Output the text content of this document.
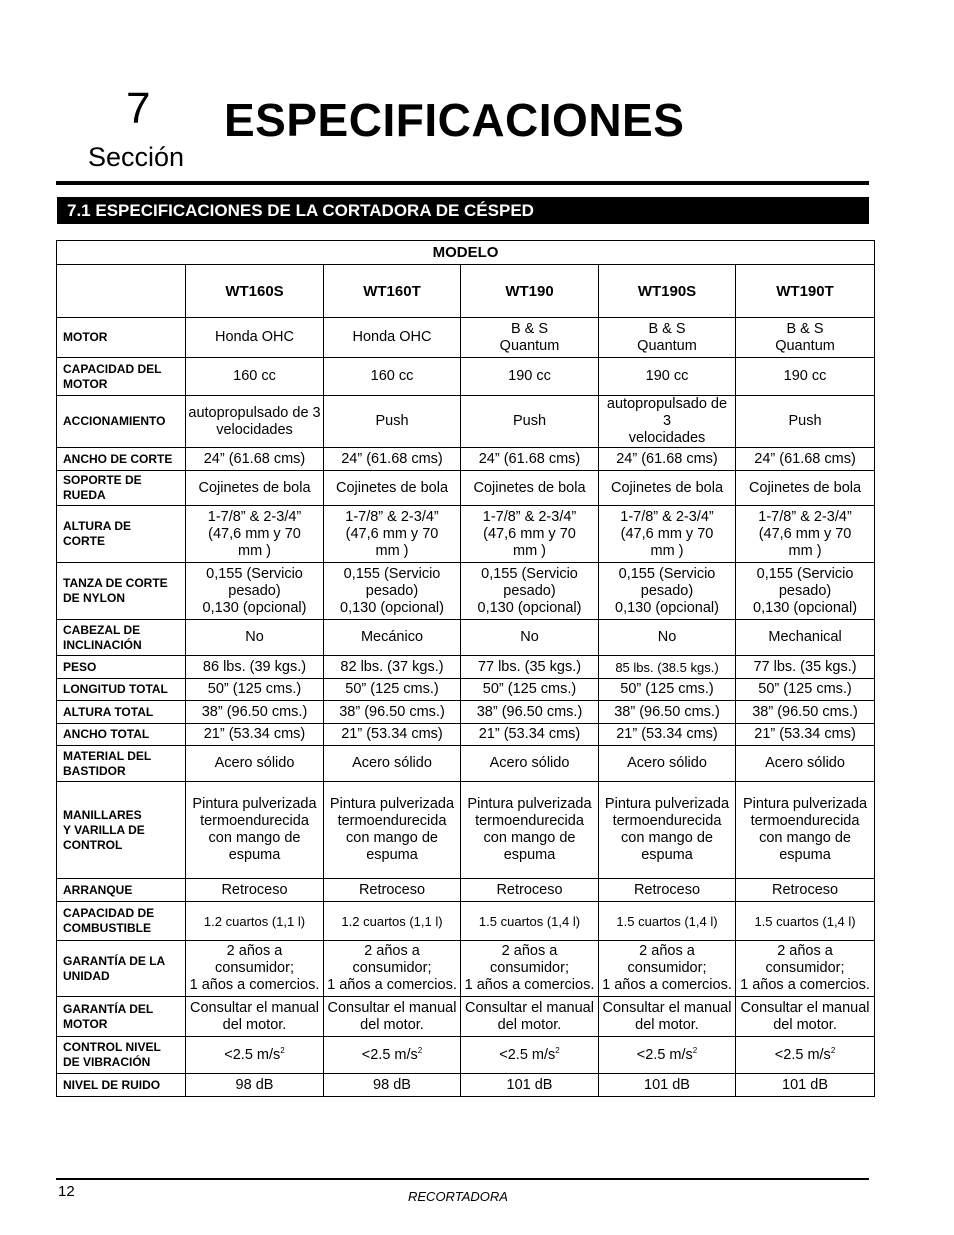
7
Sección
ESPECIFICACIONES
7.1 ESPECIFICACIONES DE LA CORTADORA DE CÉSPED
MODELO					
	WT160S	WT160T	WT190	WT190S	WT190T
MOTOR	Honda OHC	Honda OHC	B & S
Quantum	B & S
Quantum	B & S
Quantum
CAPACIDAD DEL
MOTOR	160 cc	160 cc	190 cc	190 cc	190 cc
ACCIONAMIENTO	autopropulsado de 3
velocidades	Push	Push	autopropulsado de 3
velocidades	Push
ANCHO DE CORTE	24” (61.68 cms)	24” (61.68 cms)	24” (61.68 cms)	24” (61.68 cms)	24” (61.68 cms)
SOPORTE DE
RUEDA	Cojinetes de bola	Cojinetes de bola	Cojinetes de bola	Cojinetes de bola	Cojinetes de bola
ALTURA DE
CORTE	1-7/8” & 2-3/4”
(47,6 mm y 70
mm )	1-7/8” & 2-3/4”
(47,6 mm y 70
mm )	1-7/8” & 2-3/4”
(47,6 mm y 70
mm )	1-7/8” & 2-3/4”
(47,6 mm y 70
mm )	1-7/8” & 2-3/4”
(47,6 mm y 70
mm )
TANZA DE CORTE
DE NYLON	0,155 (Servicio
pesado)
0,130 (opcional)	0,155 (Servicio
pesado)
0,130 (opcional)	0,155 (Servicio
pesado)
0,130 (opcional)	0,155 (Servicio
pesado)
0,130 (opcional)	0,155 (Servicio
pesado)
0,130 (opcional)
CABEZAL DE
INCLINACIÓN	No	Mecánico	No	No	Mechanical
PESO	86 lbs. (39 kgs.)	82 lbs. (37 kgs.)	77 lbs. (35 kgs.)	85 lbs. (38.5 kgs.)	77 lbs. (35 kgs.)
LONGITUD TOTAL	50” (125 cms.)	50” (125 cms.)	50” (125 cms.)	50” (125 cms.)	50” (125 cms.)
ALTURA TOTAL	38” (96.50 cms.)	38” (96.50 cms.)	38” (96.50 cms.)	38” (96.50 cms.)	38” (96.50 cms.)
ANCHO TOTAL	21” (53.34 cms)	21” (53.34 cms)	21” (53.34 cms)	21” (53.34 cms)	21” (53.34 cms)
MATERIAL DEL
BASTIDOR	Acero sólido	Acero sólido	Acero sólido	Acero sólido	Acero sólido
MANILLARES
Y VARILLA DE
CONTROL	Pintura pulverizada
termoendurecida
con mango de
espuma	Pintura pulverizada
termoendurecida
con mango de
espuma	Pintura pulverizada
termoendurecida
con mango de
espuma	Pintura pulverizada
termoendurecida
con mango de
espuma	Pintura pulverizada
termoendurecida
con mango de
espuma
ARRANQUE	Retroceso	Retroceso	Retroceso	Retroceso	Retroceso
CAPACIDAD DE
COMBUSTIBLE	1.2 cuartos (1,1 l)	1.2 cuartos (1,1 l)	1.5 cuartos (1,4 l)	1.5 cuartos (1,4 l)	1.5 cuartos (1,4 l)
GARANTÍA DE LA
UNIDAD	2 años a
consumidor;
1 años a comercios.	2 años a
consumidor;
1 años a comercios.	2 años a
consumidor;
1 años a comercios.	2 años a
consumidor;
1 años a comercios.	2 años a
consumidor;
1 años a comercios.
GARANTÍA DEL
MOTOR	Consultar el manual
del motor.	Consultar el manual
del motor.	Consultar el manual
del motor.	Consultar el manual
del motor.	Consultar el manual
del motor.
CONTROL NIVEL
DE VIBRACIÓN	<2.5 $m/s^2$	<2.5 $m/s^2$	<2.5 $m/s^2$	<2.5 $m/s^2$	<2.5 $m/s^2$
NIVEL DE RUIDO	98 dB	98 dB	101 dB	101 dB	101 dB
12	RECORTADORA
